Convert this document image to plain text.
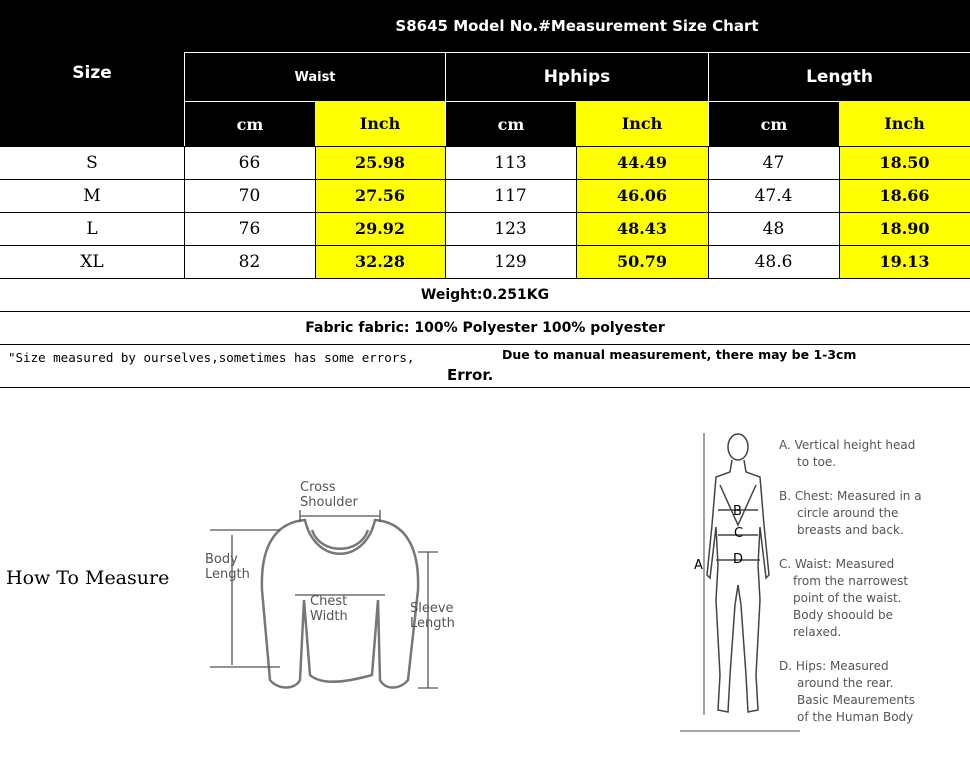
Size
S8645 Model No.#Measurement Size Chart
Waist	Hphips	Length
cm	Inch	cm	Inch	cm	Inch
S	66	25.98	113	44.49	47	18.50
M	70	27.56	117	46.06	47.4	18.66
L	76	29.92	123	48.43	48	18.90
XL	82	32.28	129	50.79	48.6	19.13
Weight:0.251KG
Fabric fabric: 100% Polyester 100% polyester
"Size measured by ourselves,sometimes has some errors,	Due to manual measurement, there may be 1-3cm
Error.
How To Measure
Cross
Shoulder
Body
Length
Chest
Width
Sleeve
Length
A
B
C
D
A. Vertical height head
to toe.
B. Chest: Measured in a
circle around the
breasts and back.
C. Waist: Measured
from the narrowest
point of the waist.
Body shoould be
relaxed.
D. Hips: Measured
around the rear.
Basic Meaurements
of the Human Body
